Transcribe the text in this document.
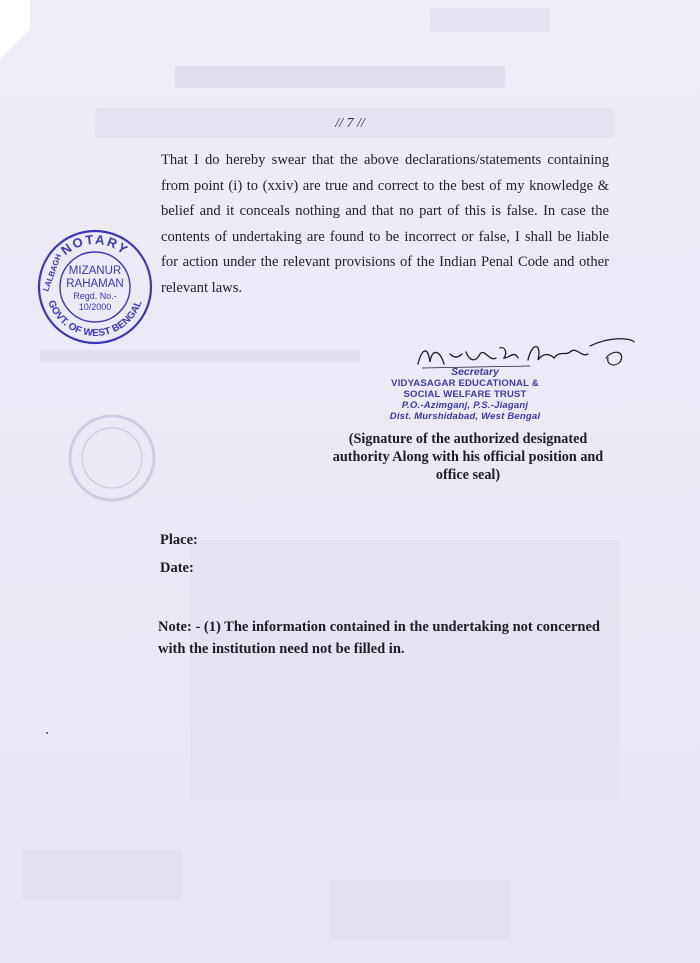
// 7 //
That I do hereby swear that the above declarations/statements containing from point (i) to (xxiv) are true and correct to the best of my knowledge & belief and it conceals nothing and that no part of this is false. In case the contents of undertaking are found to be incorrect or false, I shall be liable for action under the relevant provisions of the Indian Penal Code and other relevant laws.
NOTARY
GOVT. OF WEST BENGAL
LALBAGH MIZANUR
RAHAMAN
Regd. No.-
10/2000
Secretary
VIDYASAGAR EDUCATIONAL &
SOCIAL WELFARE TRUST
P.O.-Azimganj, P.S.-Jiaganj
Dist. Murshidabad, West Bengal
(Signature of the authorized designated
authority Along with his official position and
office seal)
Place:
Date:
Note: - (1) The information contained in the undertaking not concerned with the institution need not be filled in.
